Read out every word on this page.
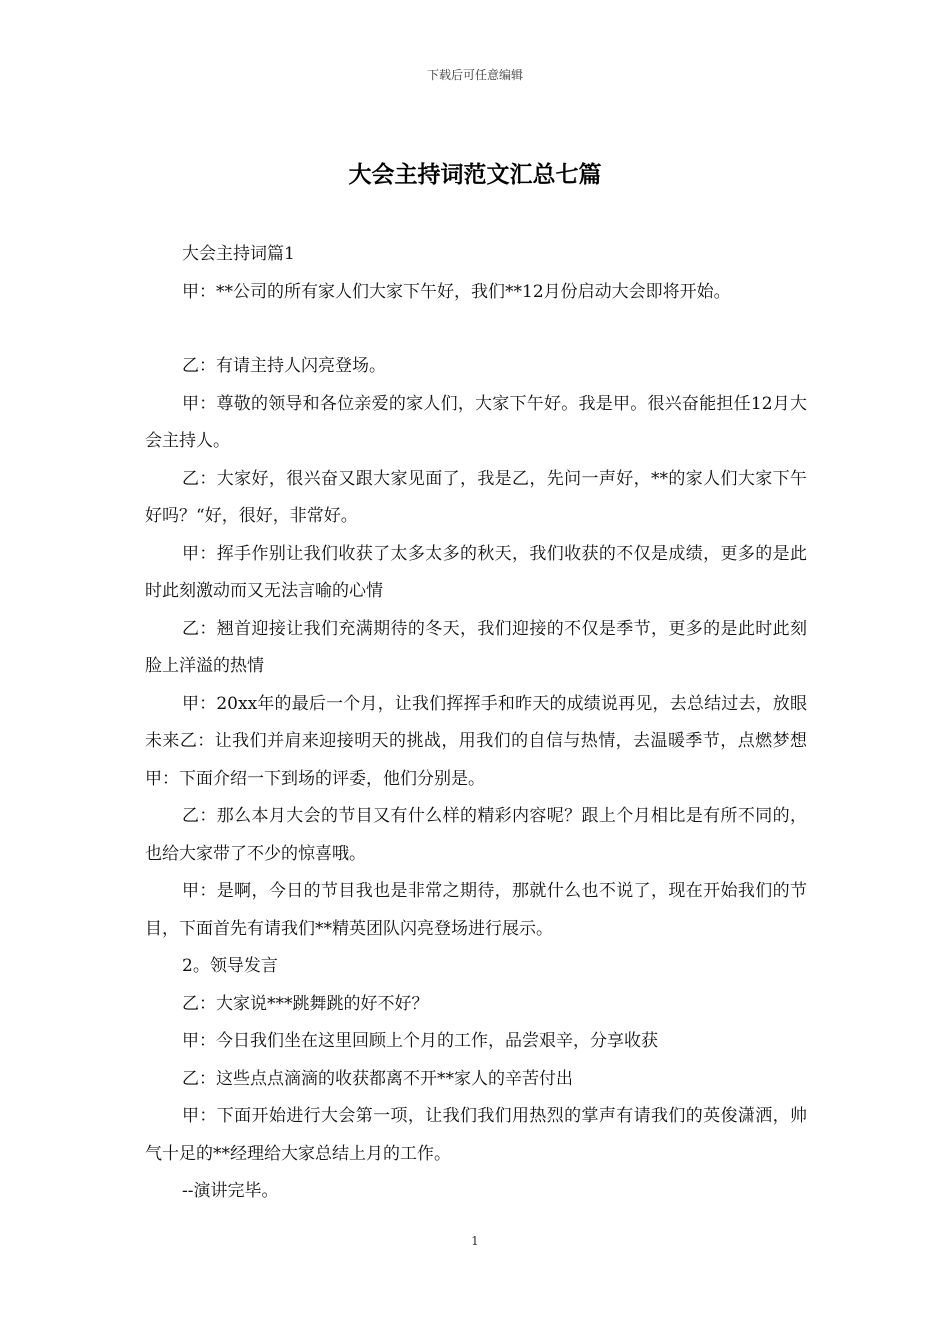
下载后可任意编辑
大会主持词范文汇总七篇

大会主持词篇1

甲：**公司的所有家人们大家下午好，我们**12月份启动大会即将开始。

乙：有请主持人闪亮登场。

甲：尊敬的领导和各位亲爱的家人们，大家下午好。我是甲。很兴奋能担任12月大会主持人。

乙：大家好，很兴奋又跟大家见面了，我是乙，先问一声好，**的家人们大家下午好吗？“好，很好，非常好。

甲：挥手作别让我们收获了太多太多的秋天，我们收获的不仅是成绩，更多的是此时此刻激动而又无法言喻的心情

乙：翘首迎接让我们充满期待的冬天，我们迎接的不仅是季节，更多的是此时此刻脸上洋溢的热情

甲：20xx年的最后一个月，让我们挥挥手和昨天的成绩说再见，去总结过去，放眼未来乙：让我们并肩来迎接明天的挑战，用我们的自信与热情，去温暖季节，点燃梦想甲：下面介绍一下到场的评委，他们分别是。

乙：那么本月大会的节目又有什么样的精彩内容呢？跟上个月相比是有所不同的，也给大家带了不少的惊喜哦。

甲：是啊，今日的节目我也是非常之期待，那就什么也不说了，现在开始我们的节目，下面首先有请我们**精英团队闪亮登场进行展示。

2。领导发言

乙：大家说***跳舞跳的好不好？

甲：今日我们坐在这里回顾上个月的工作，品尝艰辛，分享收获

乙：这些点点滴滴的收获都离不开**家人的辛苦付出

甲：下面开始进行大会第一项，让我们我们用热烈的掌声有请我们的英俊潇洒，帅气十足的**经理给大家总结上月的工作。

--演讲完毕。

1
